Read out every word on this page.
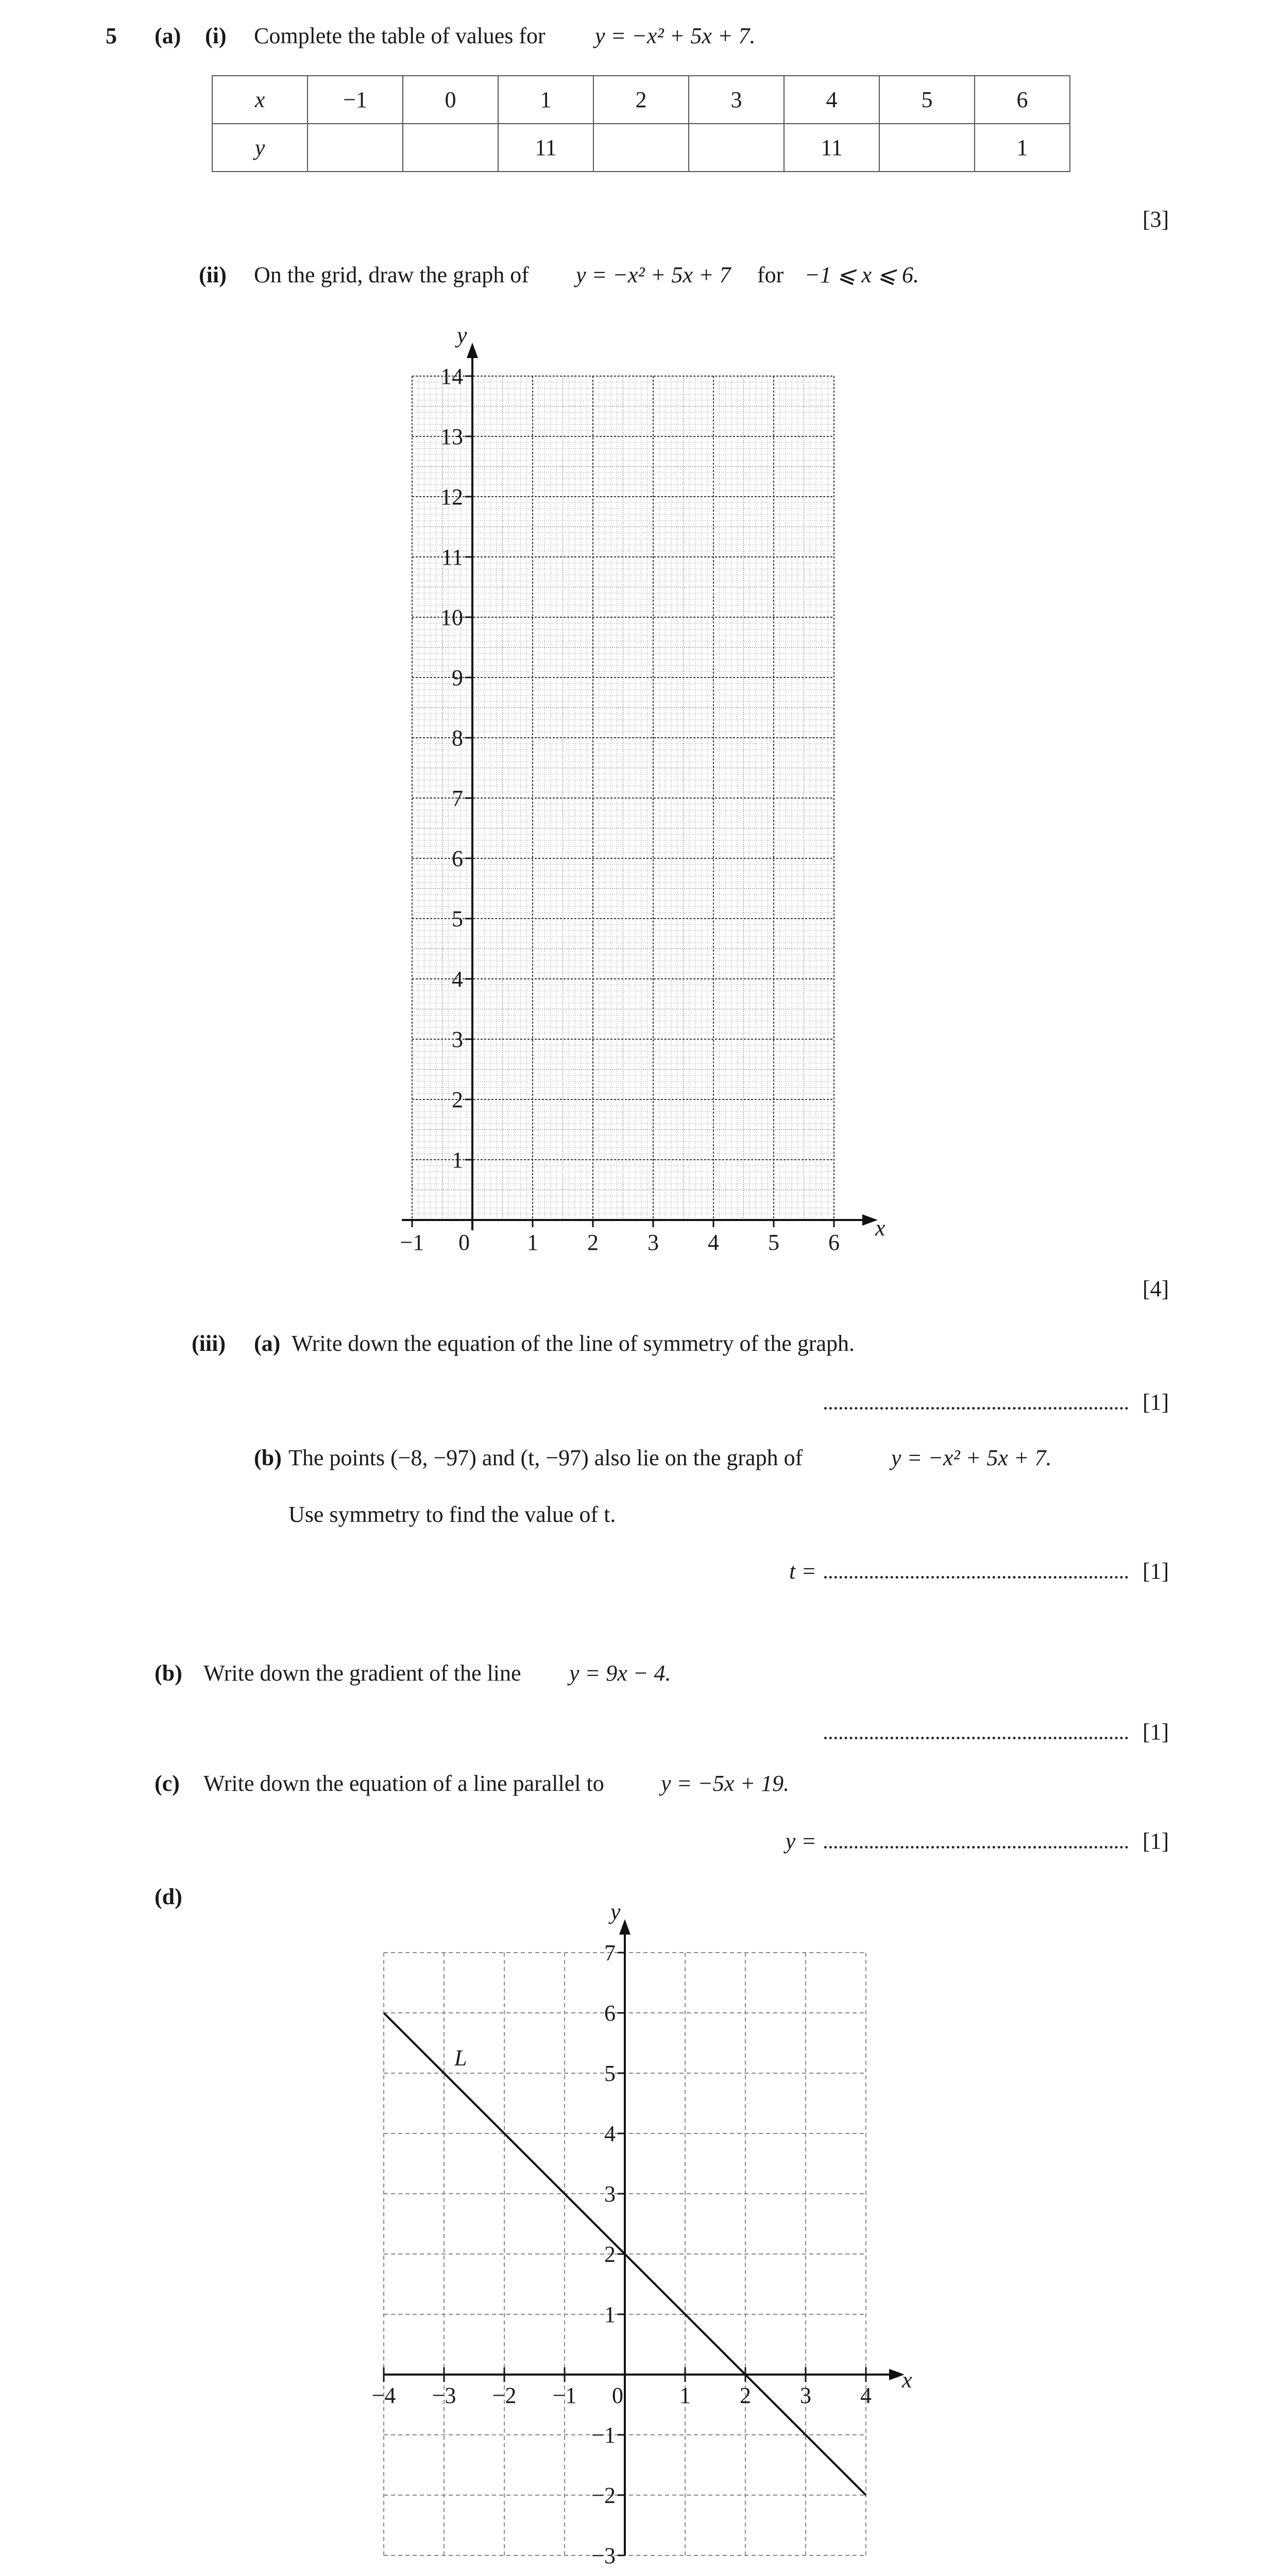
5 (a) (i) Complete the table of values for y = −x² + 5x + 7.
x	−1	0	1	2	3	4	5	6
y			11			11		1
[3]
(ii) On the grid, draw the graph of y = −x² + 5x + 7 for −1 ⩽ x ⩽ 6.
−1 0	1 2 3 4 5 6
1
2
3
4
5
6
7
8
9
10
11
12
13
14
x
y
[4]
(iii) (a) Write down the equation of the line of symmetry of the graph.
[1]
(b) The points (−8, −97) and (t, −97) also lie on the graph of	y = −x² + 5x + 7.
Use symmetry to find the value of t.
t =	[1]
(b) Write down the gradient of the line y = 9x − 4.
[1]
(c) Write down the equation of a line parallel to	y = −5x + 19.
y =	[1]
(d)
−4 −3 −2 −1 0 1 2 3 4
−3
−2
−1
1
2
3
4
5
6
7
x
y
L
